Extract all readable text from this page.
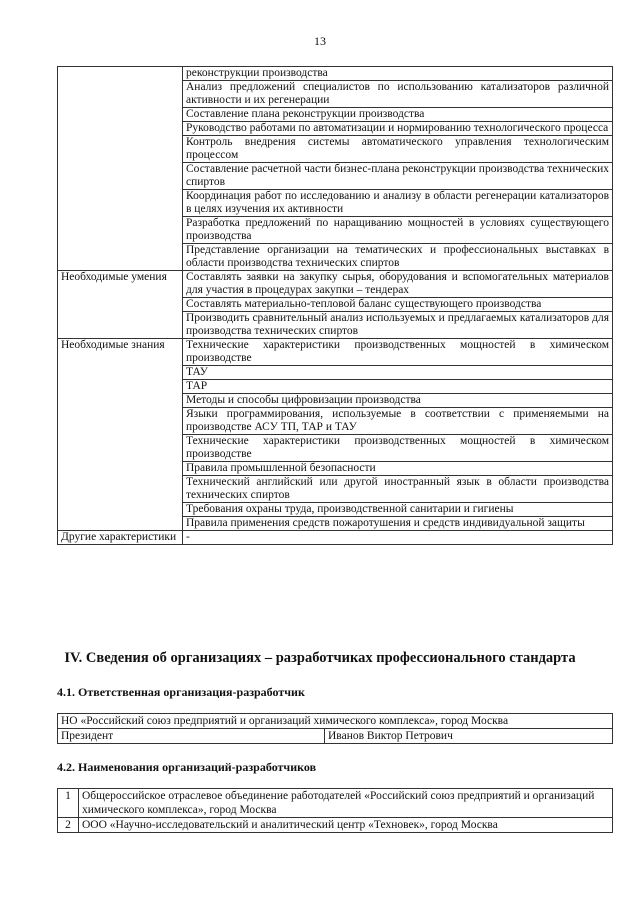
13
	реконструкции производства
	Анализ предложений специалистов по использованию катализаторов различной активности и их регенерации
	Составление плана реконструкции производства
	Руководство работами по автоматизации и нормированию технологического процесса
	Контроль внедрения системы автоматического управления технологическим процессом
	Составление расчетной части бизнес-плана реконструкции производства технических спиртов
	Координация работ по исследованию и анализу в области регенерации катализаторов в целях изучения их активности
	Разработка предложений по наращиванию мощностей в условиях существующего производства
	Представление организации на тематических и профессиональных выставках в области производства технических спиртов
Необходимые умения	Составлять заявки на закупку сырья, оборудования и вспомогательных материалов для участия в процедурах закупки – тендерах
	Составлять материально-тепловой баланс существующего производства
	Производить сравнительный анализ используемых и предлагаемых катализаторов для производства технических спиртов
Необходимые знания	Технические характеристики производственных мощностей в химическом производстве
	ТАУ
	ТАР
	Методы и способы цифровизации производства
	Языки программирования, используемые в соответствии с применяемыми на производстве АСУ ТП, ТАР и ТАУ
	Технические характеристики производственных мощностей в химическом производстве
	Правила промышленной безопасности
	Технический английский или другой иностранный язык в области производства технических спиртов
	Требования охраны труда, производственной санитарии и гигиены
	Правила применения средств пожаротушения и средств индивидуальной защиты
Другие характеристики	-
IV. Сведения об организациях – разработчиках профессионального стандарта
4.1. Ответственная организация-разработчик
НО «Российский союз предприятий и организаций химического комплекса», город Москва
Президент	Иванов Виктор Петрович
4.2. Наименования организаций-разработчиков
1	Общероссийское отраслевое объединение работодателей «Российский союз предприятий и организаций химического комплекса», город Москва
2	ООО «Научно-исследовательский и аналитический центр «Техновек», город Москва
